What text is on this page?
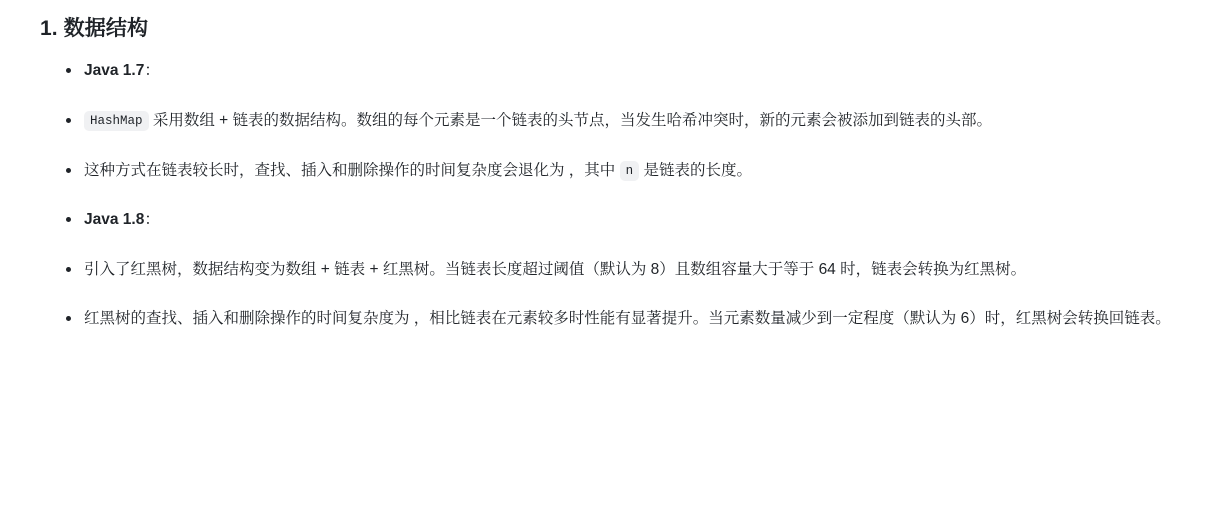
1. 数据结构
Java 1.7：
HashMap 采用数组 + 链表的数据结构。数组的每个元素是一个链表的头节点，当发生哈希冲突时，新的元素会被添加到链表的头部。
这种方式在链表较长时，查找、插入和删除操作的时间复杂度会退化为 ，其中 n 是链表的长度。
Java 1.8：
引入了红黑树，数据结构变为数组 + 链表 + 红黑树。当链表长度超过阈值（默认为 8）且数组容量大于等于 64 时，链表会转换为红黑树。
红黑树的查找、插入和删除操作的时间复杂度为 ，相比链表在元素较多时性能有显著提升。当元素数量减少到一定程度（默认为 6）时，红黑树会转换回链表。
